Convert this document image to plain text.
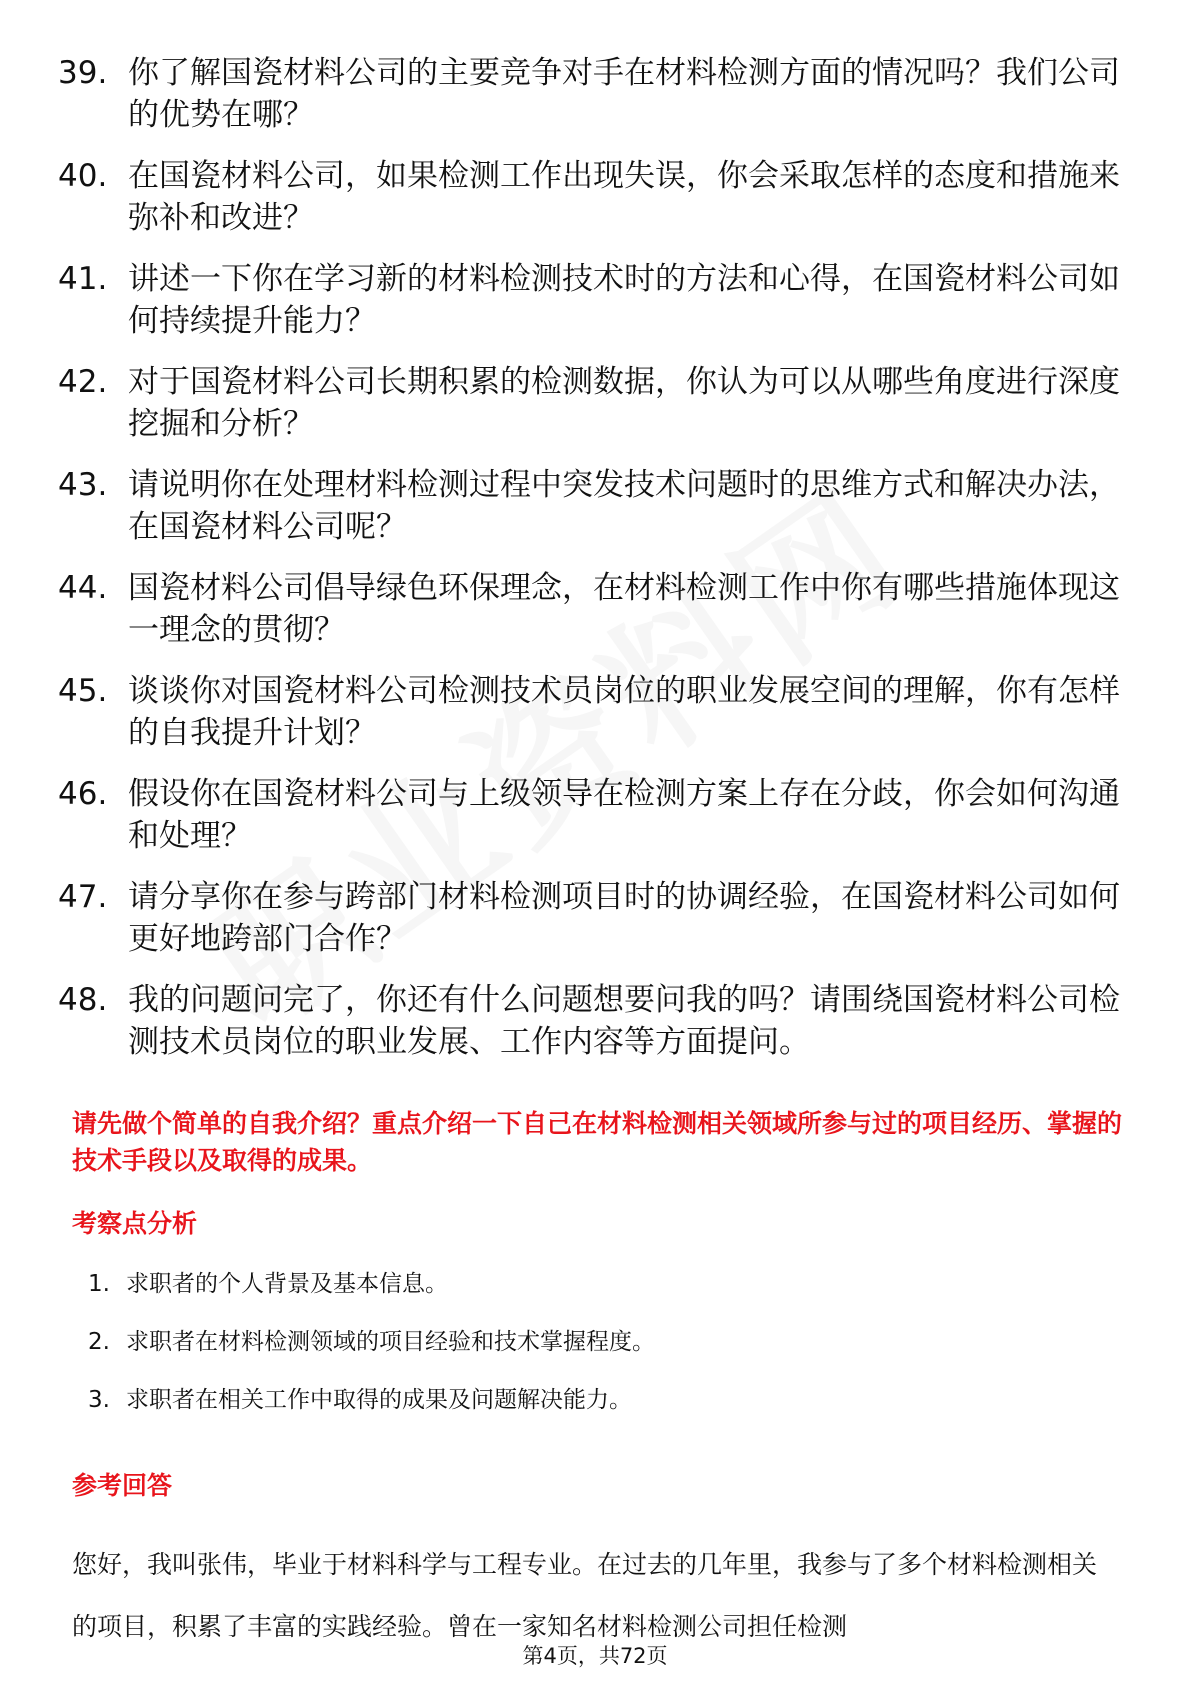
39. 你了解国瓷材料公司的主要竞争对手在材料检测方面的情况吗？我们公司的优势在哪？
40. 在国瓷材料公司，如果检测工作出现失误，你会采取怎样的态度和措施来弥补和改进？
41. 讲述一下你在学习新的材料检测技术时的方法和心得，在国瓷材料公司如何持续提升能力？
42. 对于国瓷材料公司长期积累的检测数据，你认为可以从哪些角度进行深度挖掘和分析？
43. 请说明你在处理材料检测过程中突发技术问题时的思维方式和解决办法，在国瓷材料公司呢？
44. 国瓷材料公司倡导绿色环保理念，在材料检测工作中你有哪些措施体现这一理念的贯彻？
45. 谈谈你对国瓷材料公司检测技术员岗位的职业发展空间的理解，你有怎样的自我提升计划？
46. 假设你在国瓷材料公司与上级领导在检测方案上存在分歧，你会如何沟通和处理？
47. 请分享你在参与跨部门材料检测项目时的协调经验，在国瓷材料公司如何更好地跨部门合作？
48. 我的问题问完了，你还有什么问题想要问我的吗？请围绕国瓷材料公司检测技术员岗位的职业发展、工作内容等方面提问。
请先做个简单的自我介绍？重点介绍一下自己在材料检测相关领域所参与过的项目经历、掌握的技术手段以及取得的成果。
考察点分析
1. 求职者的个人背景及基本信息。
2. 求职者在材料检测领域的项目经验和技术掌握程度。
3. 求职者在相关工作中取得的成果及问题解决能力。
参考回答
您好，我叫张伟，毕业于材料科学与工程专业。在过去的几年里，我参与了多个材料检测相关的项目，积累了丰富的实践经验。曾在一家知名材料检测公司担任检测
第4页，共72页
